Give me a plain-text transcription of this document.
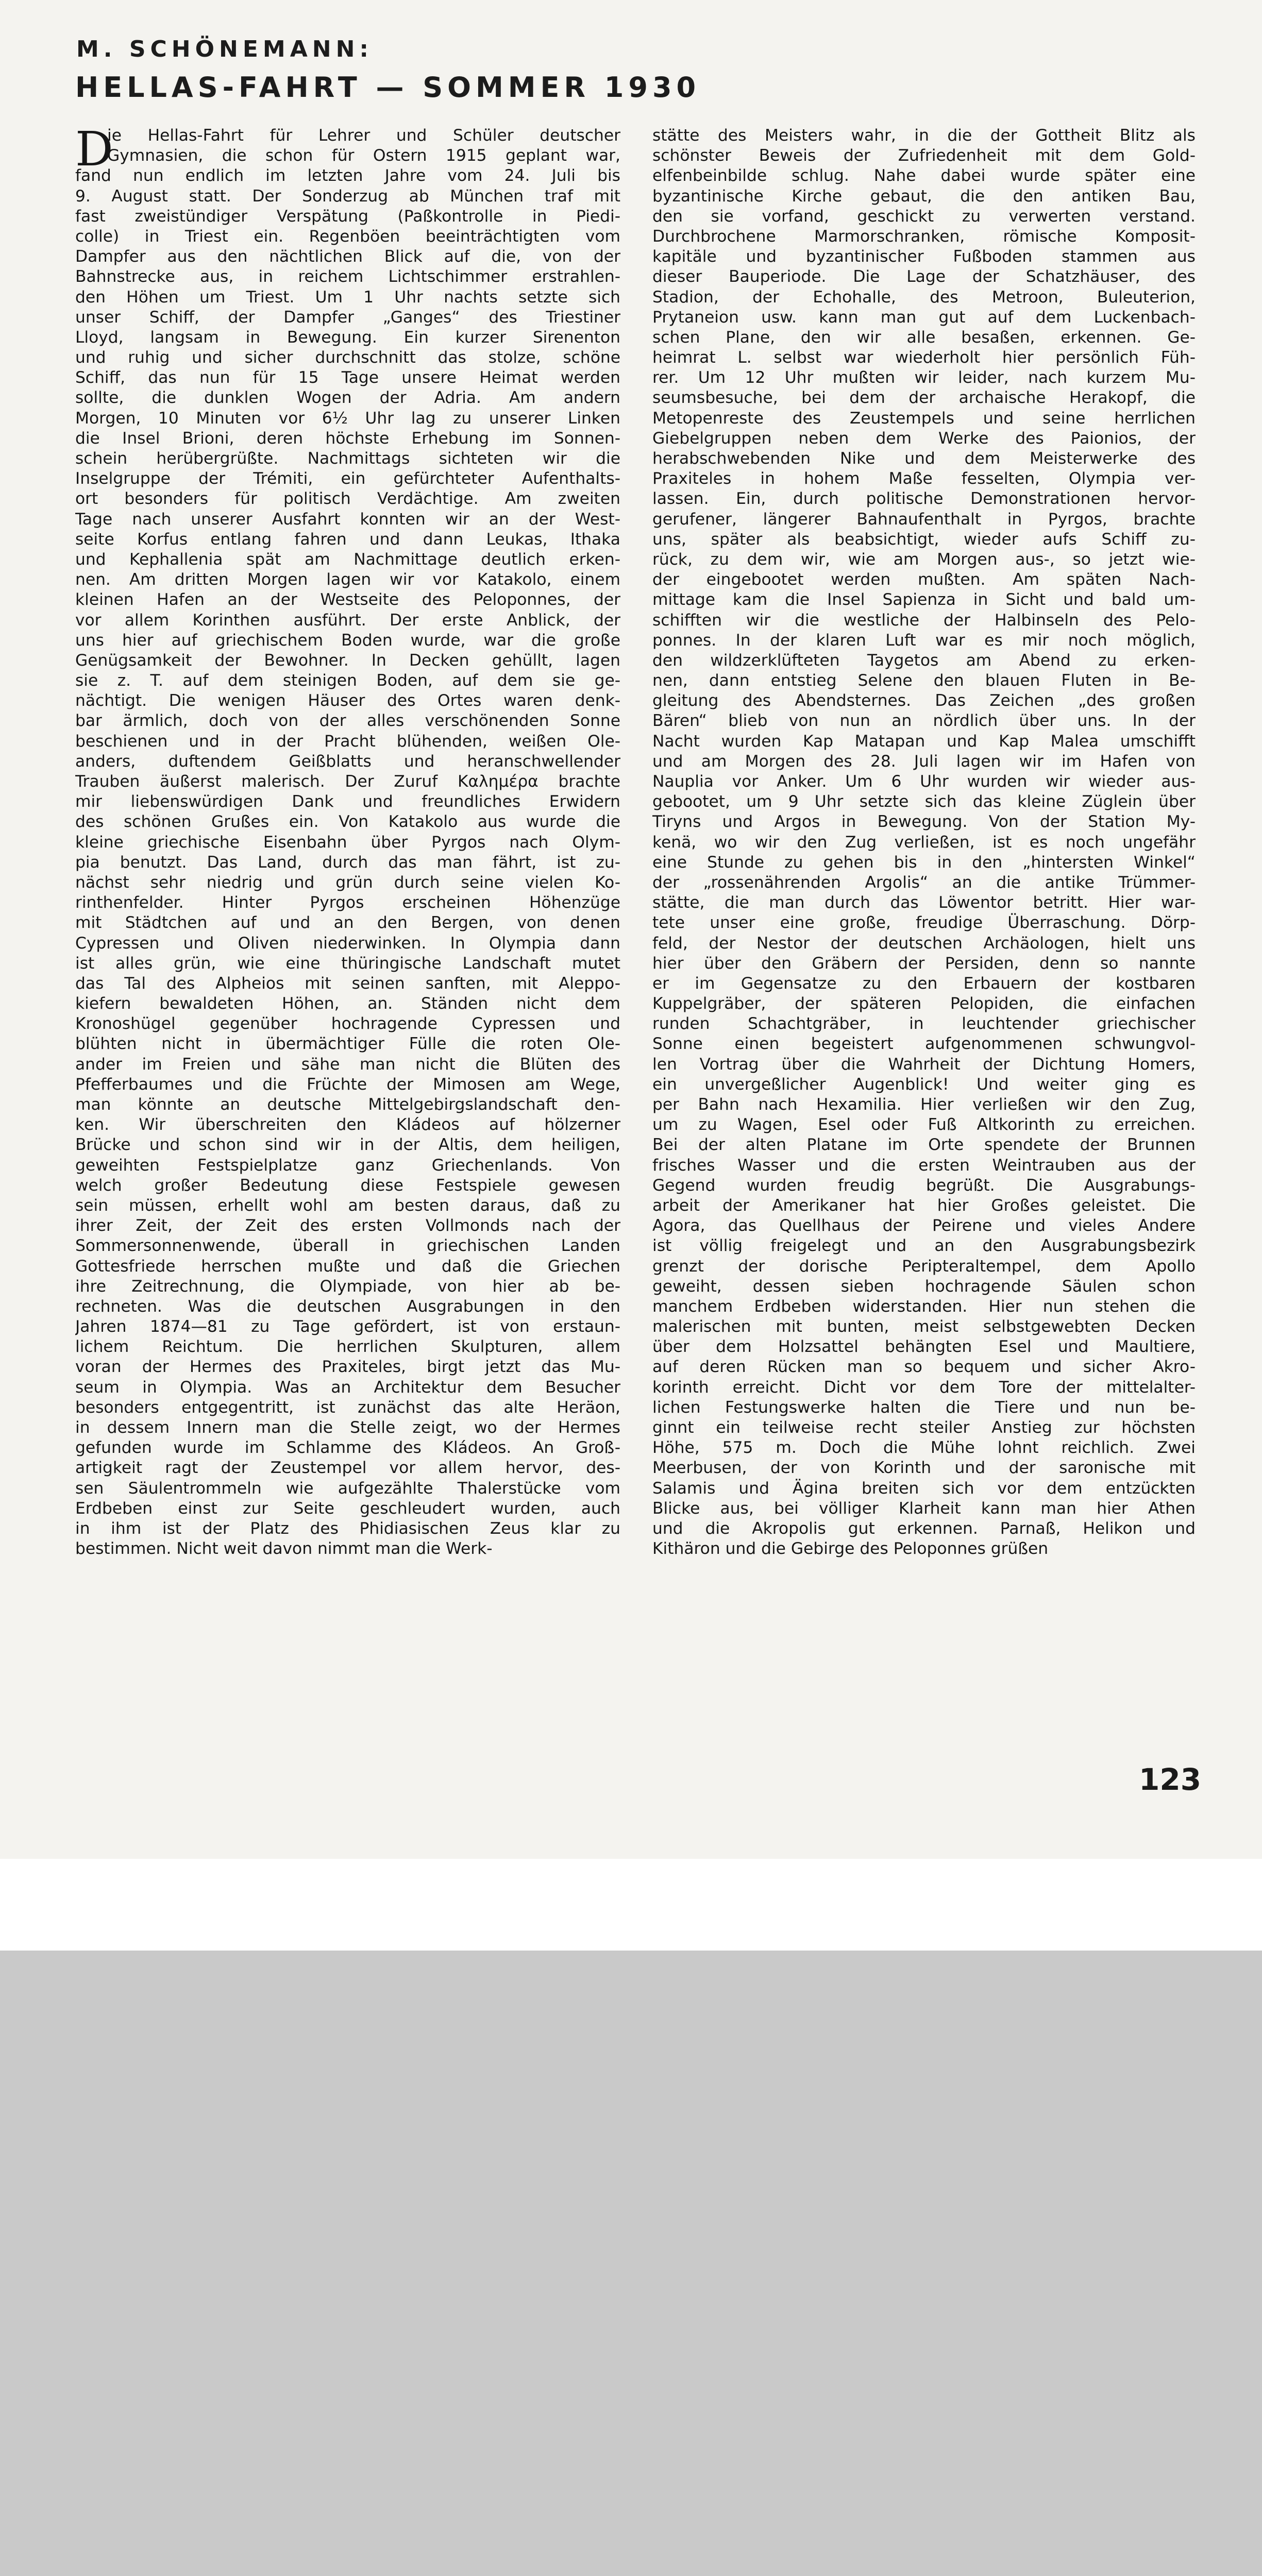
M. SCHÖNEMANN:
HELLAS-FAHRT — SOMMER 1930
D
ie Hellas-Fahrt für Lehrer und Schüler deutscher
Gymnasien, die schon für Ostern 1915 geplant war,
fand nun endlich im letzten Jahre vom 24. Juli bis
9. August statt. Der Sonderzug ab München traf mit
fast zweistündiger Verspätung (Paßkontrolle in Piedi-
colle) in Triest ein. Regenböen beeinträchtigten vom
Dampfer aus den nächtlichen Blick auf die, von der
Bahnstrecke aus, in reichem Lichtschimmer erstrahlen-
den Höhen um Triest. Um 1 Uhr nachts setzte sich
unser Schiff, der Dampfer „Ganges“ des Triestiner
Lloyd, langsam in Bewegung. Ein kurzer Sirenenton
und ruhig und sicher durchschnitt das stolze, schöne
Schiff, das nun für 15 Tage unsere Heimat werden
sollte, die dunklen Wogen der Adria. Am andern
Morgen, 10 Minuten vor 6½ Uhr lag zu unserer Linken
die Insel Brioni, deren höchste Erhebung im Sonnen-
schein herübergrüßte. Nachmittags sichteten wir die
Inselgruppe der Trémiti, ein gefürchteter Aufenthalts-
ort besonders für politisch Verdächtige. Am zweiten
Tage nach unserer Ausfahrt konnten wir an der West-
seite Korfus entlang fahren und dann Leukas, Ithaka
und Kephallenia spät am Nachmittage deutlich erken-
nen. Am dritten Morgen lagen wir vor Katakolo, einem
kleinen Hafen an der Westseite des Peloponnes, der
vor allem Korinthen ausführt. Der erste Anblick, der
uns hier auf griechischem Boden wurde, war die große
Genügsamkeit der Bewohner. In Decken gehüllt, lagen
sie z. T. auf dem steinigen Boden, auf dem sie ge-
nächtigt. Die wenigen Häuser des Ortes waren denk-
bar ärmlich, doch von der alles verschönenden Sonne
beschienen und in der Pracht blühenden, weißen Ole-
anders, duftendem Geißblatts und heranschwellender
Trauben äußerst malerisch. Der Zuruf Καλημέρα brachte
mir liebenswürdigen Dank und freundliches Erwidern
des schönen Grußes ein. Von Katakolo aus wurde die
kleine griechische Eisenbahn über Pyrgos nach Olym-
pia benutzt. Das Land, durch das man fährt, ist zu-
nächst sehr niedrig und grün durch seine vielen Ko-
rinthenfelder. Hinter Pyrgos erscheinen Höhenzüge
mit Städtchen auf und an den Bergen, von denen
Cypressen und Oliven niederwinken. In Olympia dann
ist alles grün, wie eine thüringische Landschaft mutet
das Tal des Alpheios mit seinen sanften, mit Aleppo-
kiefern bewaldeten Höhen, an. Ständen nicht dem
Kronoshügel gegenüber hochragende Cypressen und
blühten nicht in übermächtiger Fülle die roten Ole-
ander im Freien und sähe man nicht die Blüten des
Pfefferbaumes und die Früchte der Mimosen am Wege,
man könnte an deutsche Mittelgebirgslandschaft den-
ken. Wir überschreiten den Kládeos auf hölzerner
Brücke und schon sind wir in der Altis, dem heiligen,
geweihten Festspielplatze ganz Griechenlands. Von
welch großer Bedeutung diese Festspiele gewesen
sein müssen, erhellt wohl am besten daraus, daß zu
ihrer Zeit, der Zeit des ersten Vollmonds nach der
Sommersonnenwende, überall in griechischen Landen
Gottesfriede herrschen mußte und daß die Griechen
ihre Zeitrechnung, die Olympiade, von hier ab be-
rechneten. Was die deutschen Ausgrabungen in den
Jahren 1874—81 zu Tage gefördert, ist von erstaun-
lichem Reichtum. Die herrlichen Skulpturen, allem
voran der Hermes des Praxiteles, birgt jetzt das Mu-
seum in Olympia. Was an Architektur dem Besucher
besonders entgegentritt, ist zunächst das alte Heräon,
in dessem Innern man die Stelle zeigt, wo der Hermes
gefunden wurde im Schlamme des Kládeos. An Groß-
artigkeit ragt der Zeustempel vor allem hervor, des-
sen Säulentrommeln wie aufgezählte Thalerstücke vom
Erdbeben einst zur Seite geschleudert wurden, auch
in ihm ist der Platz des Phidiasischen Zeus klar zu
bestimmen. Nicht weit davon nimmt man die Werk-
stätte des Meisters wahr, in die der Gottheit Blitz als
schönster Beweis der Zufriedenheit mit dem Gold-
elfenbeinbilde schlug. Nahe dabei wurde später eine
byzantinische Kirche gebaut, die den antiken Bau,
den sie vorfand, geschickt zu verwerten verstand.
Durchbrochene Marmorschranken, römische Komposit-
kapitäle und byzantinischer Fußboden stammen aus
dieser Bauperiode. Die Lage der Schatzhäuser, des
Stadion, der Echohalle, des Metroon, Buleuterion,
Prytaneion usw. kann man gut auf dem Luckenbach-
schen Plane, den wir alle besaßen, erkennen. Ge-
heimrat L. selbst war wiederholt hier persönlich Füh-
rer. Um 12 Uhr mußten wir leider, nach kurzem Mu-
seumsbesuche, bei dem der archaische Herakopf, die
Metopenreste des Zeustempels und seine herrlichen
Giebelgruppen neben dem Werke des Paionios, der
herabschwebenden Nike und dem Meisterwerke des
Praxiteles in hohem Maße fesselten, Olympia ver-
lassen. Ein, durch politische Demonstrationen hervor-
gerufener, längerer Bahnaufenthalt in Pyrgos, brachte
uns, später als beabsichtigt, wieder aufs Schiff zu-
rück, zu dem wir, wie am Morgen aus-, so jetzt wie-
der eingebootet werden mußten. Am späten Nach-
mittage kam die Insel Sapienza in Sicht und bald um-
schifften wir die westliche der Halbinseln des Pelo-
ponnes. In der klaren Luft war es mir noch möglich,
den wildzerklüfteten Taygetos am Abend zu erken-
nen, dann entstieg Selene den blauen Fluten in Be-
gleitung des Abendsternes. Das Zeichen „des großen
Bären“ blieb von nun an nördlich über uns. In der
Nacht wurden Kap Matapan und Kap Malea umschifft
und am Morgen des 28. Juli lagen wir im Hafen von
Nauplia vor Anker. Um 6 Uhr wurden wir wieder aus-
gebootet, um 9 Uhr setzte sich das kleine Züglein über
Tiryns und Argos in Bewegung. Von der Station My-
kenä, wo wir den Zug verließen, ist es noch ungefähr
eine Stunde zu gehen bis in den „hintersten Winkel“
der „rossenährenden Argolis“ an die antike Trümmer-
stätte, die man durch das Löwentor betritt. Hier war-
tete unser eine große, freudige Überraschung. Dörp-
feld, der Nestor der deutschen Archäologen, hielt uns
hier über den Gräbern der Persiden, denn so nannte
er im Gegensatze zu den Erbauern der kostbaren
Kuppelgräber, der späteren Pelopiden, die einfachen
runden Schachtgräber, in leuchtender griechischer
Sonne einen begeistert aufgenommenen schwungvol-
len Vortrag über die Wahrheit der Dichtung Homers,
ein unvergeßlicher Augenblick! Und weiter ging es
per Bahn nach Hexamilia. Hier verließen wir den Zug,
um zu Wagen, Esel oder Fuß Altkorinth zu erreichen.
Bei der alten Platane im Orte spendete der Brunnen
frisches Wasser und die ersten Weintrauben aus der
Gegend wurden freudig begrüßt. Die Ausgrabungs-
arbeit der Amerikaner hat hier Großes geleistet. Die
Agora, das Quellhaus der Peirene und vieles Andere
ist völlig freigelegt und an den Ausgrabungsbezirk
grenzt der dorische Peripteraltempel, dem Apollo
geweiht, dessen sieben hochragende Säulen schon
manchem Erdbeben widerstanden. Hier nun stehen die
malerischen mit bunten, meist selbstgewebten Decken
über dem Holzsattel behängten Esel und Maultiere,
auf deren Rücken man so bequem und sicher Akro-
korinth erreicht. Dicht vor dem Tore der mittelalter-
lichen Festungswerke halten die Tiere und nun be-
ginnt ein teilweise recht steiler Anstieg zur höchsten
Höhe, 575 m. Doch die Mühe lohnt reichlich. Zwei
Meerbusen, der von Korinth und der saronische mit
Salamis und Ägina breiten sich vor dem entzückten
Blicke aus, bei völliger Klarheit kann man hier Athen
und die Akropolis gut erkennen. Parnaß, Helikon und
Kithäron und die Gebirge des Peloponnes grüßen
123
